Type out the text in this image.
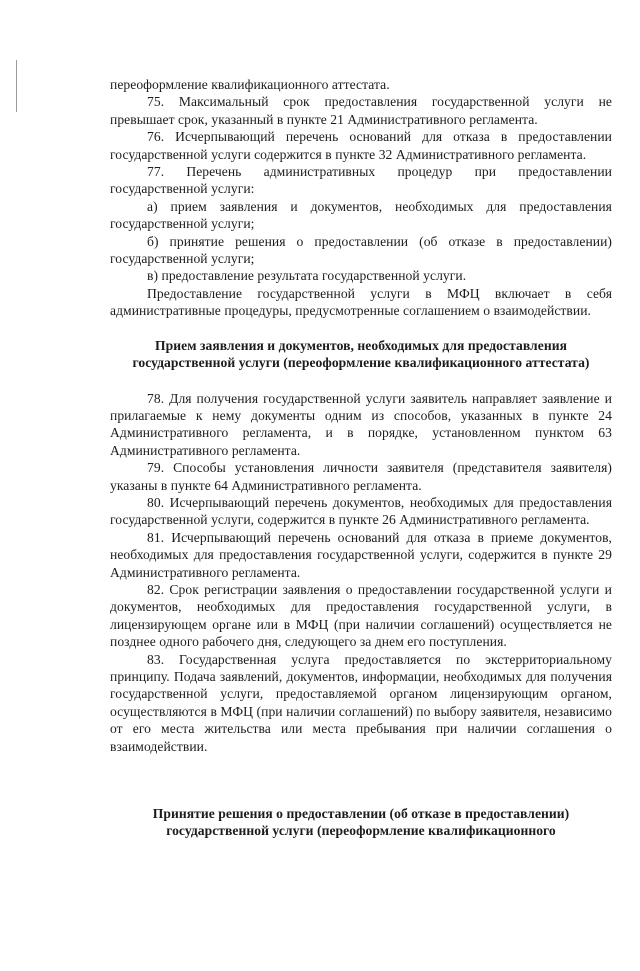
переоформление квалификационного аттестата.

75. Максимальный срок предоставления государственной услуги не превышает срок, указанный в пункте 21 Административного регламента.

76. Исчерпывающий перечень оснований для отказа в предоставлении государственной услуги содержится в пункте 32 Административного регламента.

77. Перечень административных процедур при предоставлении государственной услуги:

а) прием заявления и документов, необходимых для предоставления государственной услуги;

б) принятие решения о предоставлении (об отказе в предоставлении) государственной услуги;

в) предоставление результата государственной услуги.

Предоставление государственной услуги в МФЦ включает в себя административные процедуры, предусмотренные соглашением о взаимодействии.

Прием заявления и документов, необходимых для предоставления

государственной услуги (переоформление квалификационного аттестата)

78. Для получения государственной услуги заявитель направляет заявление и прилагаемые к нему документы одним из способов, указанных в пункте 24 Административного регламента, и в порядке, установленном пунктом 63 Административного регламента.

79. Способы установления личности заявителя (представителя заявителя) указаны в пункте 64 Административного регламента.

80. Исчерпывающий перечень документов, необходимых для предоставления государственной услуги, содержится в пункте 26 Административного регламента.

81. Исчерпывающий перечень оснований для отказа в приеме документов, необходимых для предоставления государственной услуги, содержится в пункте 29 Административного регламента.

82. Срок регистрации заявления о предоставлении государственной услуги и документов, необходимых для предоставления государственной услуги, в лицензирующем органе или в МФЦ (при наличии соглашений) осуществляется не позднее одного рабочего дня, следующего за днем его поступления.

83. Государственная услуга предоставляется по экстерриториальному принципу. Подача заявлений, документов, информации, необходимых для получения государственной услуги, предоставляемой органом лицензирующим органом, осуществляются в МФЦ (при наличии соглашений) по выбору заявителя, независимо от его места жительства или места пребывания при наличии соглашения о взаимодействии.

Принятие решения о предоставлении (об отказе в предоставлении)

государственной услуги (переоформление квалификационного
